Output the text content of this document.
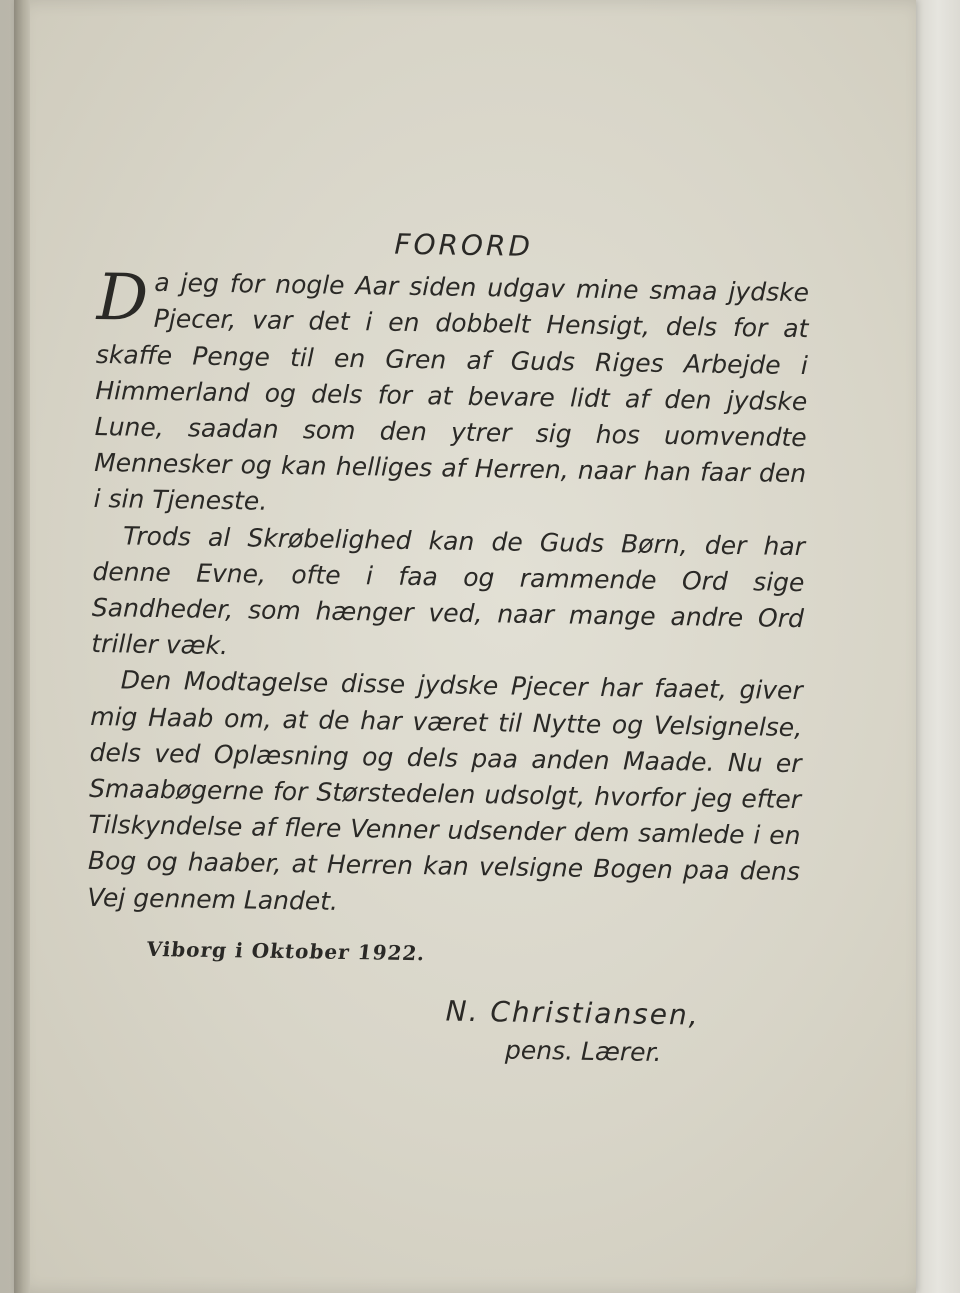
FORORD

Da jeg for nogle Aar siden udgav mine smaa jydske Pjecer, var det i en dobbelt Hensigt, dels for at skaffe Penge til en Gren af Guds Riges Arbejde i Himmerland og dels for at bevare lidt af den jydske Lune, saadan som den ytrer sig hos uomvendte Mennesker og kan helliges af Herren, naar han faar den i sin Tjeneste.

Trods al Skrøbelighed kan de Guds Børn, der har denne Evne, ofte i faa og rammende Ord sige Sandheder, som hænger ved, naar mange andre Ord triller væk.

Den Modtagelse disse jydske Pjecer har faaet, giver mig Haab om, at de har været til Nytte og Velsignelse, dels ved Oplæsning og dels paa anden Maade. Nu er Smaabøgerne for Størstedelen udsolgt, hvorfor jeg efter Tilskyndelse af flere Venner udsender dem samlede i en Bog og haaber, at Herren kan velsigne Bogen paa dens Vej gennem Landet.

Viborg i Oktober 1922.
N. Christiansen,
pens. Lærer.
